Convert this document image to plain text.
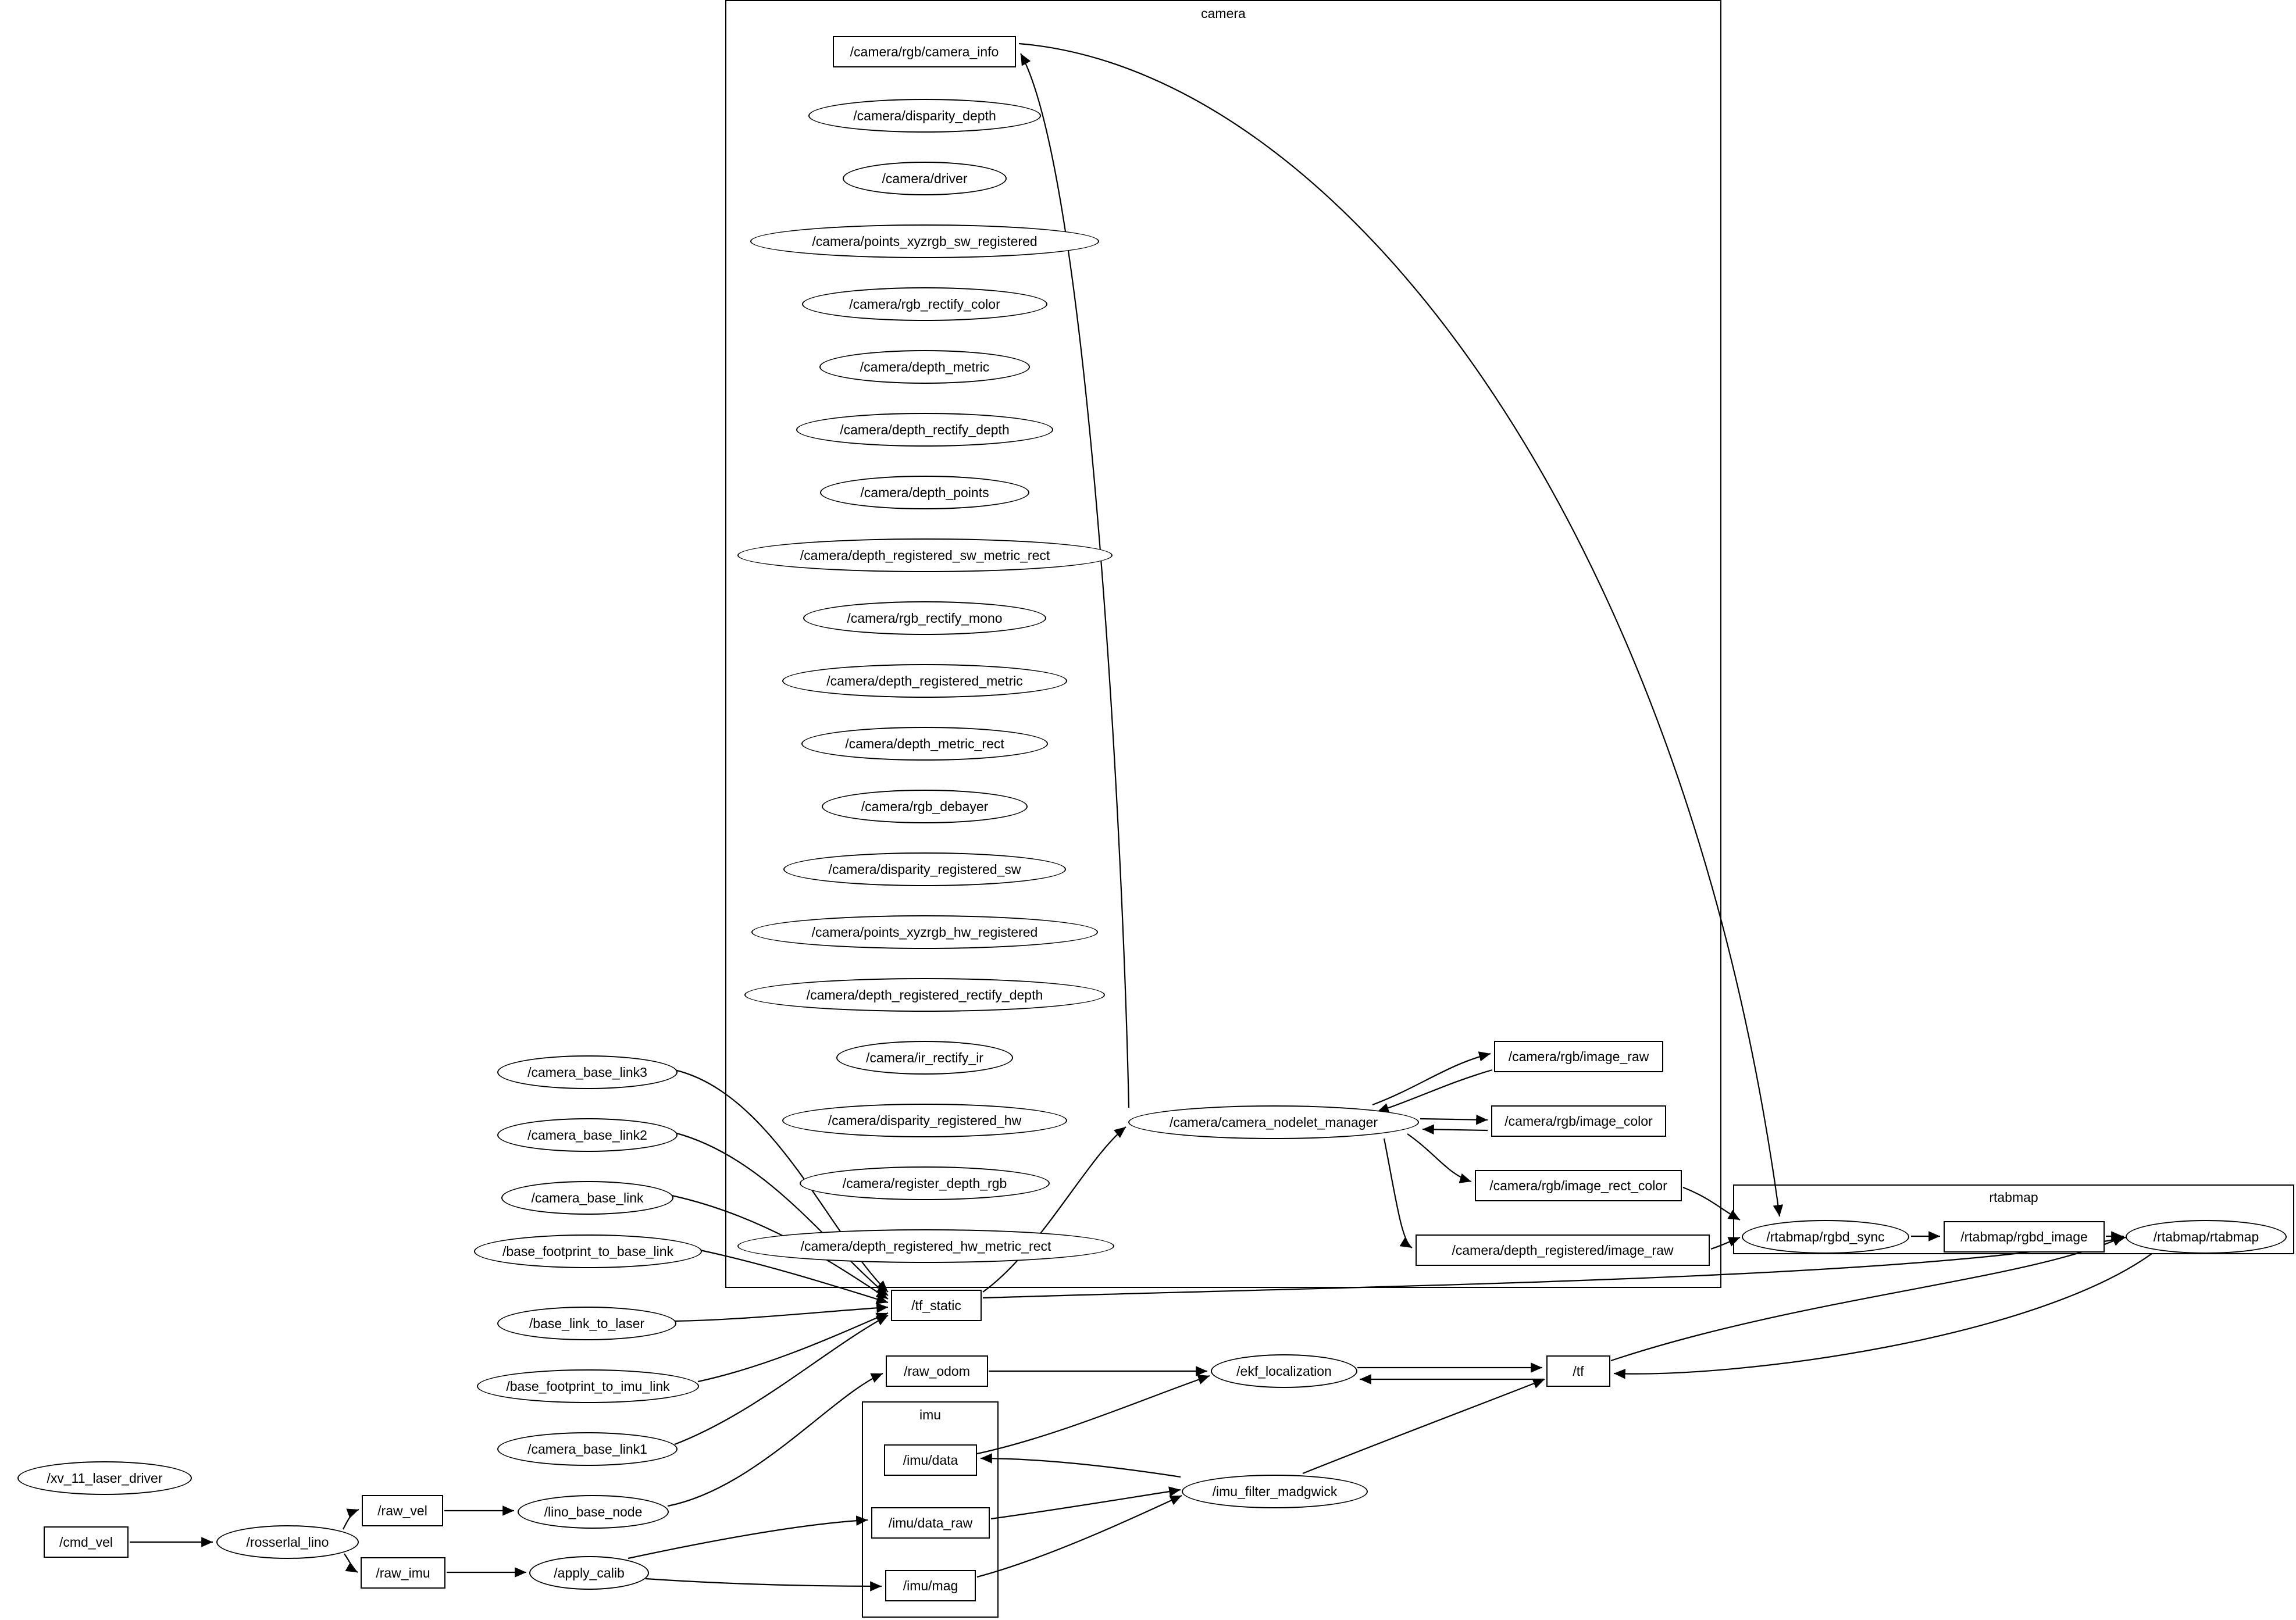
camera
rtabmap
imu
/camera/rgb/camera_info
/camera/disparity_depth
/camera/driver
/camera/points_xyzrgb_sw_registered
/camera/rgb_rectify_color
/camera/depth_metric
/camera/depth_rectify_depth
/camera/depth_points
/camera/depth_registered_sw_metric_rect
/camera/rgb_rectify_mono
/camera/depth_registered_metric
/camera/depth_metric_rect
/camera/rgb_debayer
/camera/disparity_registered_sw
/camera/points_xyzrgb_hw_registered
/camera/depth_registered_rectify_depth
/camera/ir_rectify_ir
/camera/disparity_registered_hw
/camera/register_depth_rgb
/camera/depth_registered_hw_metric_rect
/camera/camera_nodelet_manager
/camera/rgb/image_raw
/camera/rgb/image_color
/camera/rgb/image_rect_color
/camera/depth_registered/image_raw
/rtabmap/rgbd_sync	/rtabmap/rgbd_image	/rtabmap/rtabmap
/camera_base_link3
/camera_base_link2
/camera_base_link
/base_footprint_to_base_link
/base_link_to_laser
/base_footprint_to_imu_link
/camera_base_link1
/lino_base_node
/tf_static
/raw_odom	/ekf_localization	/tf
/imu/data
/imu/data_raw
/imu/mag
/imu_filter_madgwick
/xv_11_laser_driver
/cmd_vel	/rosserlal_lino
/raw_vel
/raw_imu	/apply_calib
